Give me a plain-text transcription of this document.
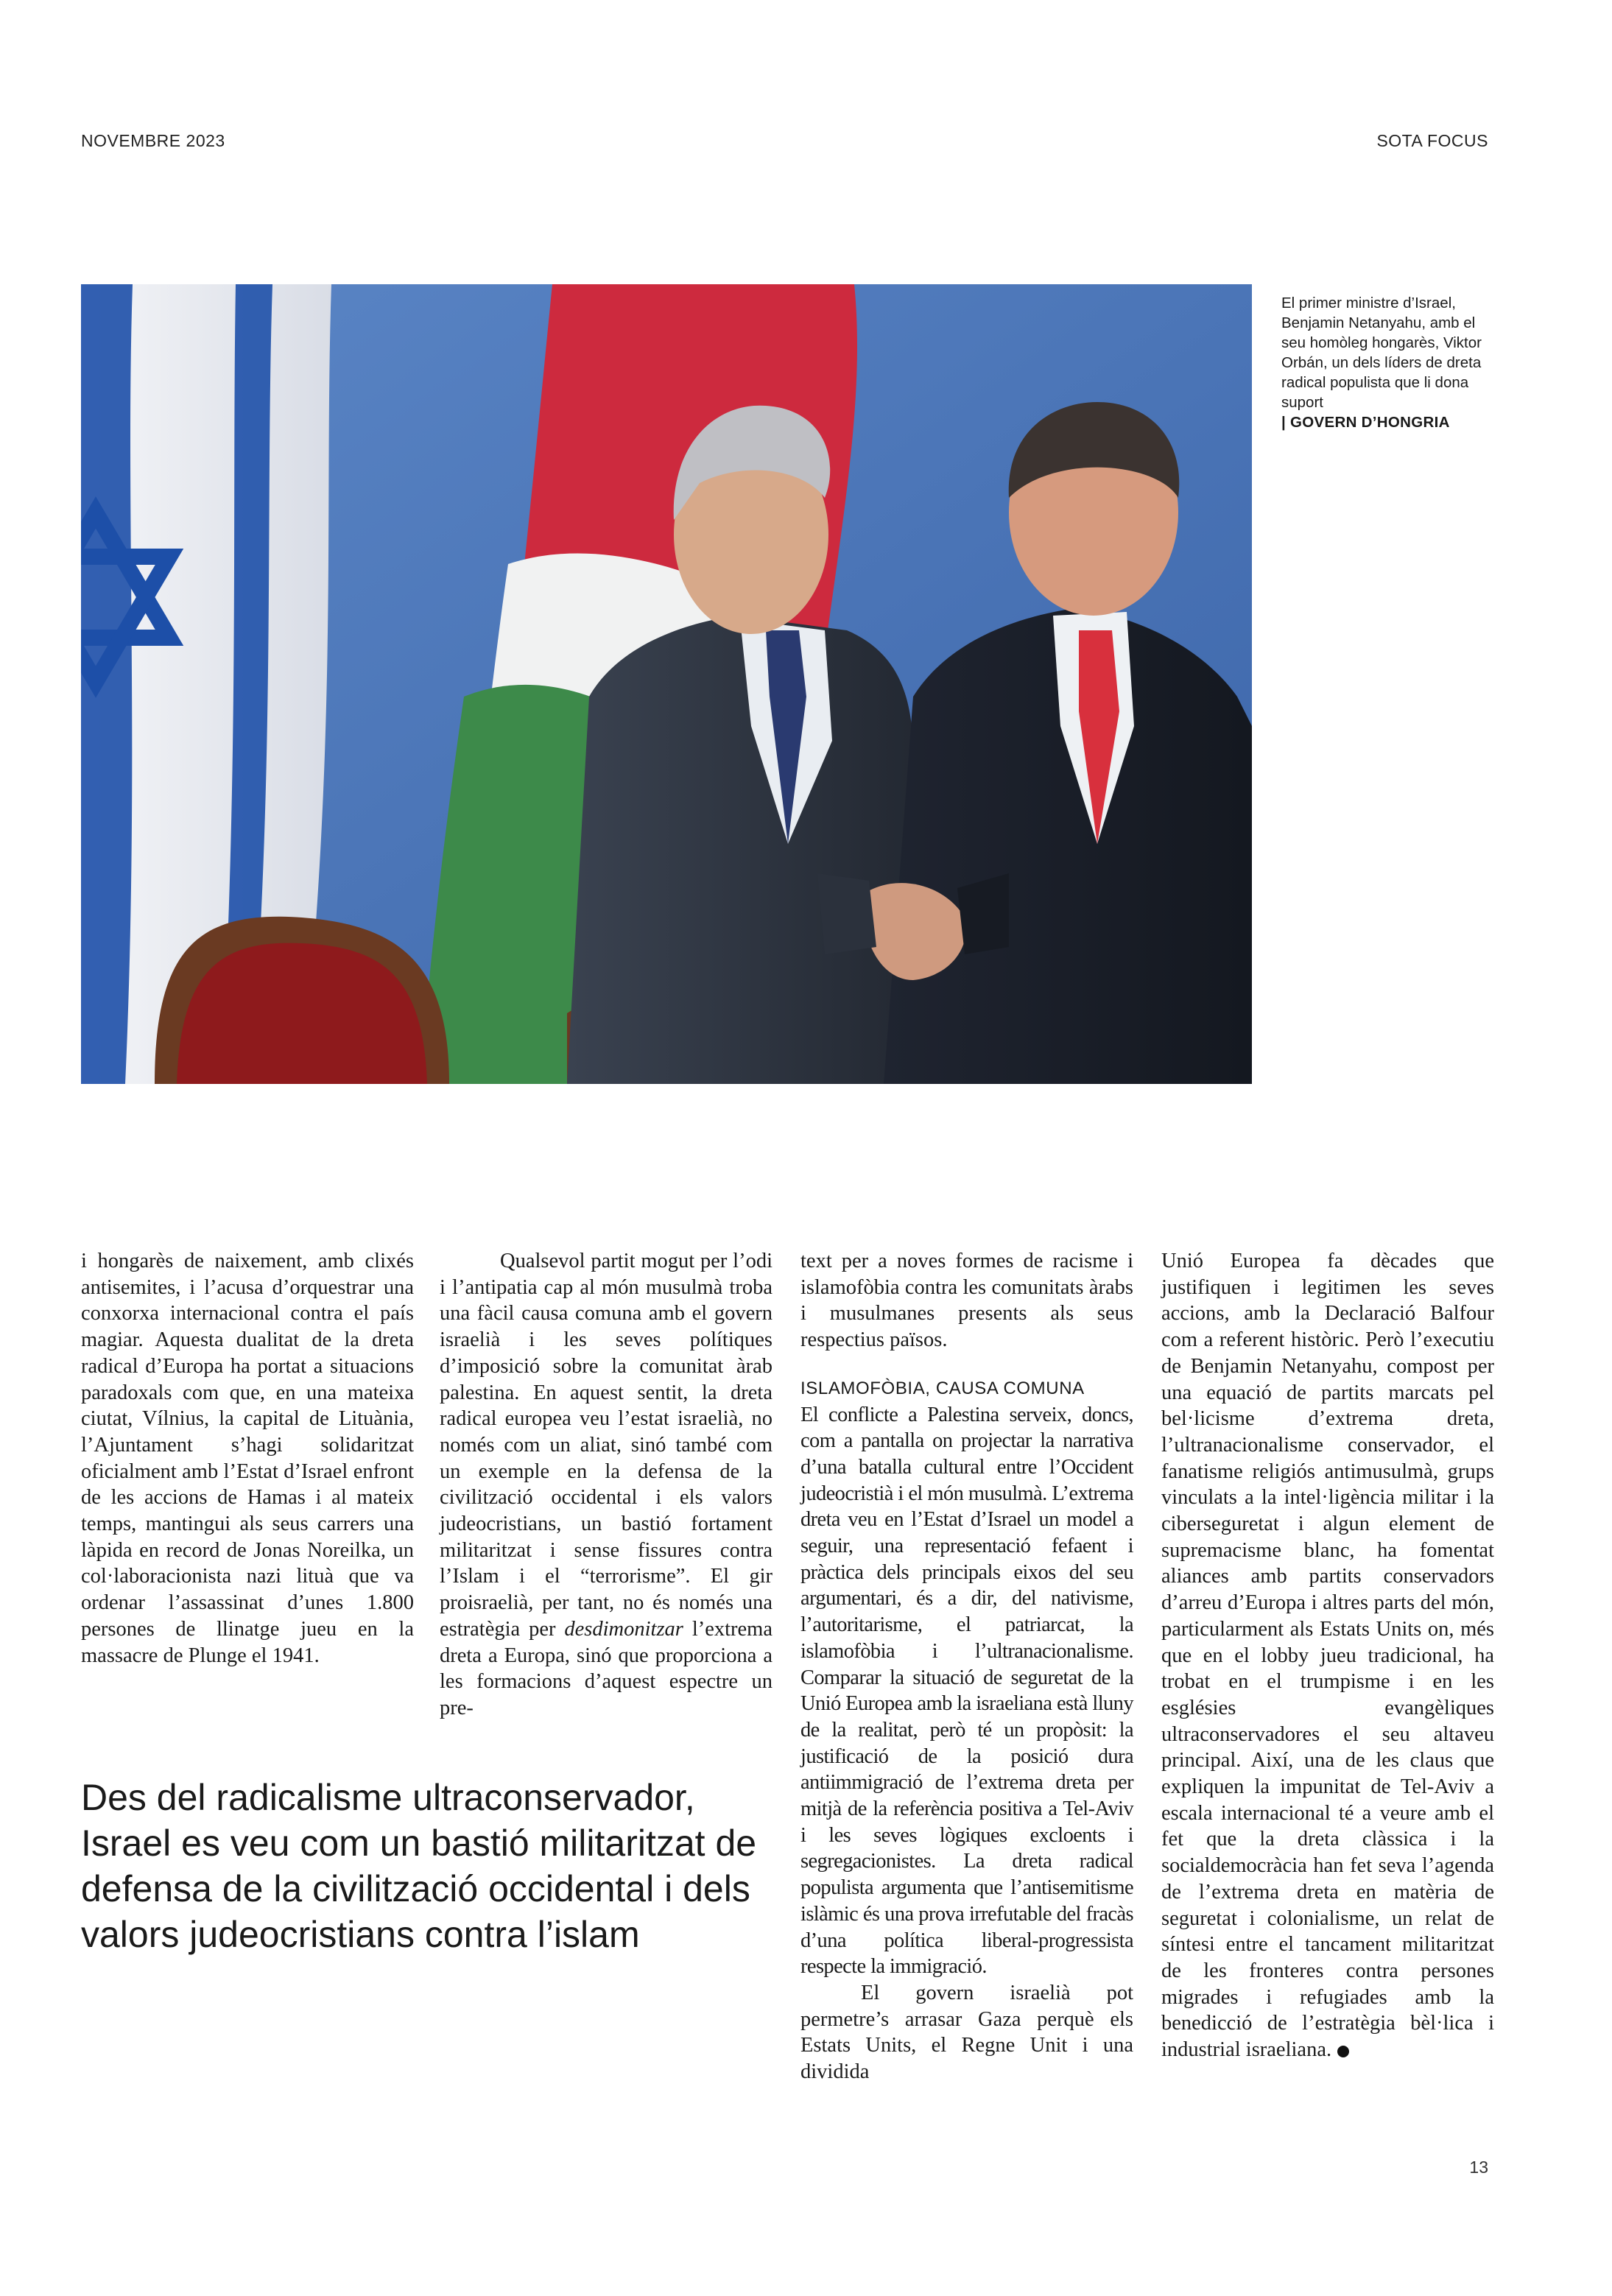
NOVEMBRE 2023	SOTA FOCUS
El primer ministre d’Israel, Benjamin Netanyahu, amb el seu homòleg hongarès, Viktor Orbán, un dels líders de dreta radical populista que li dona suport
| GOVERN D’HONGRIA

i hongarès de naixement, amb clixés antisemites, i l’acusa d’orquestrar una conxorxa internacional contra el país magiar. Aquesta dualitat de la dreta radical d’Europa ha portat a situacions paradoxals com que, en una mateixa ciutat, Vílnius, la capital de Lituània, l’Ajuntament s’hagi solidaritzat oficialment amb l’Estat d’Israel enfront de les accions de Hamas i al mateix temps, mantingui als seus carrers una làpida en record de Jonas Noreilka, un col·laboracionista nazi lituà que va ordenar l’assassinat d’unes 1.800 persones de llinatge jueu en la massacre de Plunge el 1941.

Qualsevol partit mogut per l’odi i l’antipatia cap al món musulmà troba una fàcil causa comuna amb el govern israelià i les seves polítiques d’imposició sobre la comunitat àrab palestina. En aquest sentit, la dreta radical europea veu l’estat israelià, no només com un aliat, sinó també com un exemple en la defensa de la civilització occidental i els valors judeocristians, un bastió fortament militaritzat i sense fissures contra l’Islam i el “terrorisme”. El gir proisraelià, per tant, no és només una estratègia per desdimonitzar l’extrema dreta a Europa, sinó que proporciona a les formacions d’aquest espectre un pre-

text per a noves formes de racisme i islamofòbia contra les comunitats àrabs i musulmanes presents als seus respectius països.

ISLAMOFÒBIA, CAUSA COMUNA

El conflicte a Palestina serveix, doncs, com a pantalla on projectar la narrativa d’una batalla cultural entre l’Occident judeocristià i el món musulmà. L’extrema dreta veu en l’Estat d’Israel un model a seguir, una representació fefaent i pràctica dels principals eixos del seu argumentari, és a dir, del nativisme, l’autoritarisme, el patriarcat, la islamofòbia i l’ultranacionalisme. Comparar la situació de seguretat de la Unió Europea amb la israeliana està lluny de la realitat, però té un propòsit: la justificació de la posició dura antiimmigració de l’extrema dreta per mitjà de la referència positiva a Tel-Aviv i les seves lògiques excloents i segregacionistes. La dreta radical populista argumenta que l’antisemitisme islàmic és una prova irrefutable del fracàs d’una política liberal-progressista respecte la immigració.

El govern israelià pot permetre’s arrasar Gaza perquè els Estats Units, el Regne Unit i una dividida

Unió Europea fa dècades que justifiquen i legitimen les seves accions, amb la Declaració Balfour com a referent històric. Però l’executiu de Benjamin Netanyahu, compost per una equació de partits marcats pel bel·licisme d’extrema dreta, l’ultranacionalisme conservador, el fanatisme religiós antimusulmà, grups vinculats a la intel·ligència militar i la ciberseguretat i algun element de supremacisme blanc, ha fomentat aliances amb partits conservadors d’arreu d’Europa i altres parts del món, particularment als Estats Units on, més que en el lobby jueu tradicional, ha trobat en el trumpisme i en les esglésies evangèliques ultraconservadores el seu altaveu principal. Així, una de les claus que expliquen la impunitat de Tel-Aviv a escala internacional té a veure amb el fet que la dreta clàssica i la socialdemocràcia han fet seva l’agenda de l’extrema dreta en matèria de seguretat i colonialisme, un relat de síntesi entre el tancament militaritzat de les fronteres contra persones migrades i refugiades amb la benedicció de l’estratègia bèl·lica i industrial israeliana.

Des del radicalisme ultraconservador, Israel es veu com un bastió militaritzat de defensa de la civilització occidental i dels valors judeocristians contra l’islam
13
